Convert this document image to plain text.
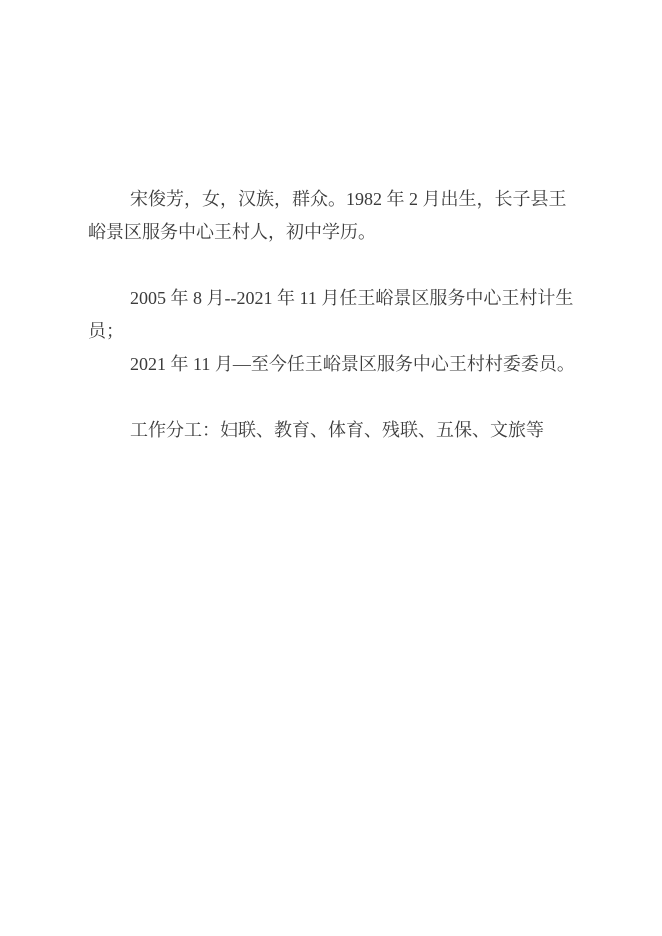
宋俊芳，女，汉族，群众。1982 年 2 月出生，长子县王
峪景区服务中心王村人，初中学历。
2005 年 8 月--2021 年 11 月任王峪景区服务中心王村计生
员；
2021 年 11 月—至今任王峪景区服务中心王村村委委员。
工作分工：妇联、教育、体育、残联、五保、文旅等
